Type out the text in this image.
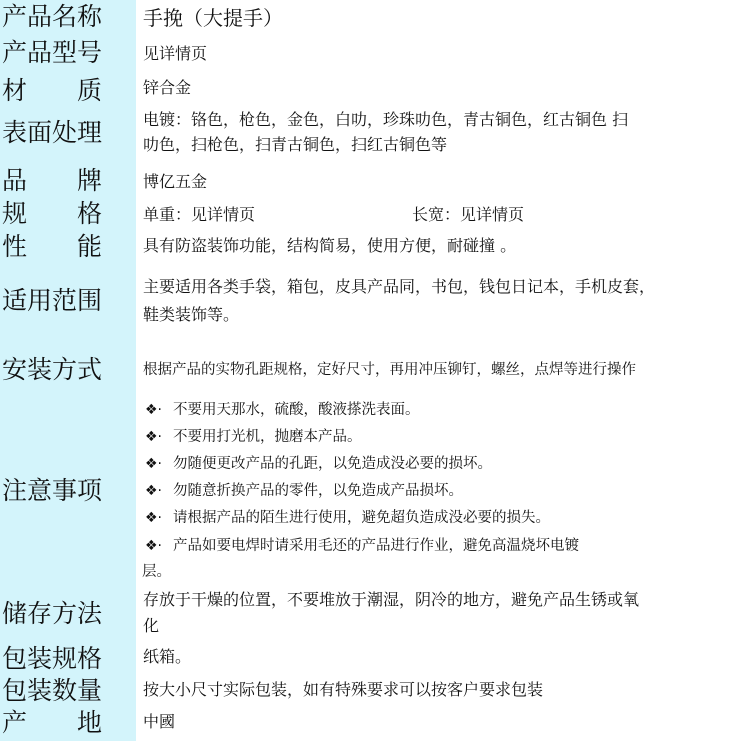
产品名称
产品型号
材 质
表面处理
品 牌
规 格
性 能
适用范围
安装方式
注意事项
储存方法
包装规格
包装数量
产 地
手挽（大提手）
见详情页
锌合金
电镀：铬色，枪色，金色，白叻，珍珠叻色，青古铜色，红古铜色 扫
叻色，扫枪色，扫青古铜色，扫红古铜色等
博亿五金
单重：见详情页	长宽：见详情页
具有防盗装饰功能，结构简易，使用方便，耐碰撞 。
主要适用各类手袋，箱包，皮具产品同，书包，钱包日记本，手机皮套，
鞋类装饰等。
根据产品的实物孔距规格，定好尺寸，再用冲压铆钉，螺丝，点焊等进行操作
❖· 不要用天那水，硫酸，酸液搽洗表面。
❖· 不要用打光机，抛磨本产品。
❖· 勿随便更改产品的孔距，以免造成没必要的损坏。
❖· 勿随意折换产品的零件，以免造成产品损坏。
❖· 请根据产品的陌生进行使用，避免超负造成没必要的损失。
❖· 产品如要电焊时请采用毛还的产品进行作业，避免高温烧坏电镀
层。
存放于干燥的位置，不要堆放于潮湿，阴冷的地方，避免产品生锈或氧
化
纸箱。
按大小尺寸实际包装，如有特殊要求可以按客户要求包装
中國
